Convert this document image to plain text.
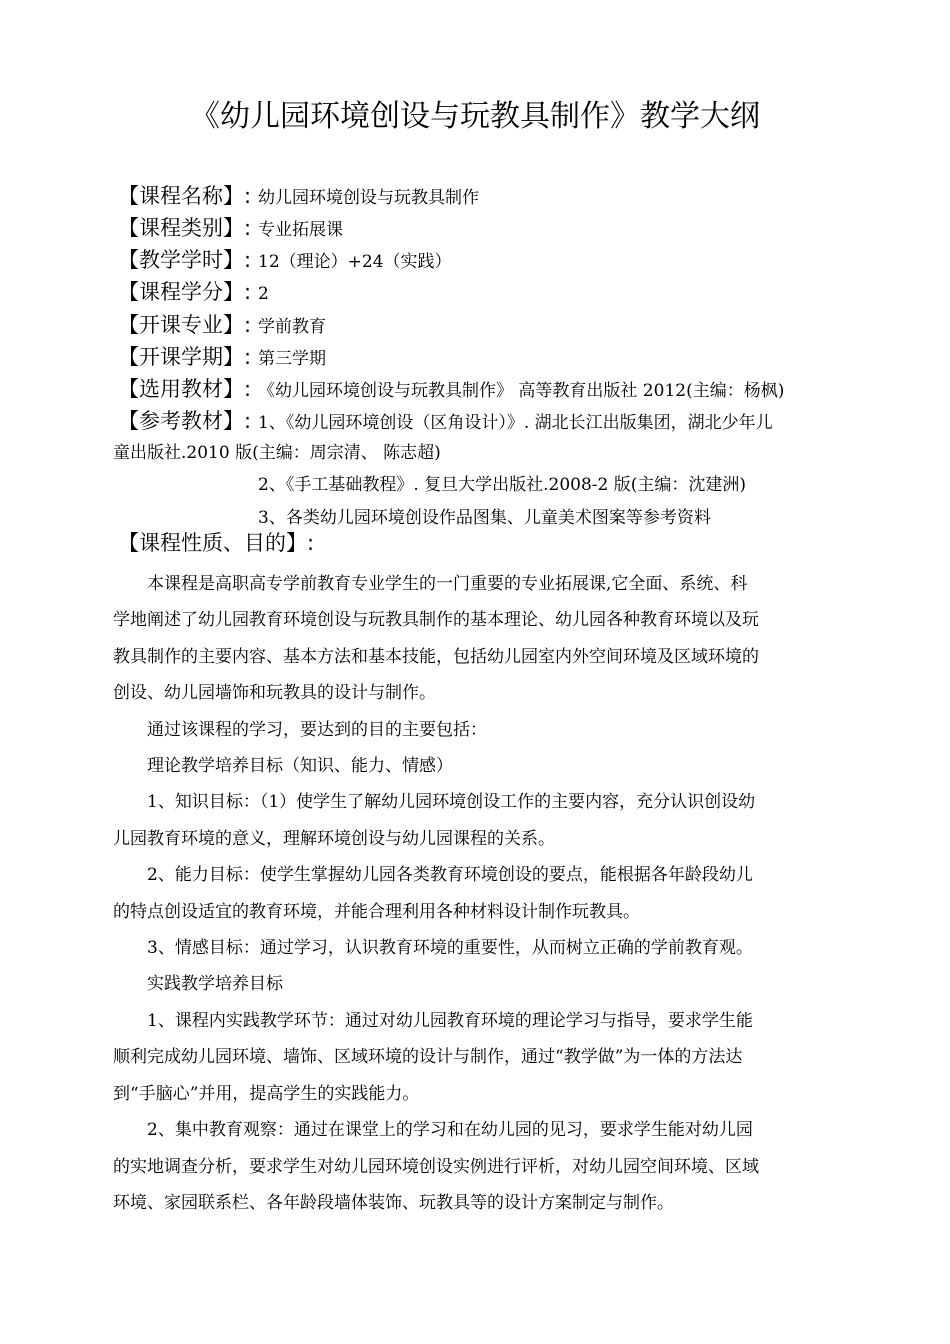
《幼儿园环境创设与玩教具制作》教学大纲
【课程名称】: 幼儿园环境创设与玩教具制作
【课程类别】: 专业拓展课
【教学学时】: 12（理论）+24（实践）
【课程学分】: 2
【开课专业】: 学前教育
【开课学期】: 第三学期
【选用教材】: 《幼儿园环境创设与玩教具制作》 高等教育出版社 2012(主编：杨枫)
【参考教材】: 1、《幼儿园环境创设（区角设计）》. 湖北长江出版集团，湖北少年儿
童出版社.2010 版(主编：周宗清、 陈志超)
2、《手工基础教程》. 复旦大学出版社.2008-2 版(主编：沈建洲)
3、各类幼儿园环境创设作品图集、儿童美术图案等参考资料
【课程性质、目的】:

本课程是高职高专学前教育专业学生的一门重要的专业拓展课,它全面、系统、科

学地阐述了幼儿园教育环境创设与玩教具制作的基本理论、幼儿园各种教育环境以及玩

教具制作的主要内容、基本方法和基本技能，包括幼儿园室内外空间环境及区域环境的

创设、幼儿园墙饰和玩教具的设计与制作。

通过该课程的学习，要达到的目的主要包括：

理论教学培养目标（知识、能力、情感）

1、知识目标：（1）使学生了解幼儿园环境创设工作的主要内容，充分认识创设幼

儿园教育环境的意义，理解环境创设与幼儿园课程的关系。

2、能力目标：使学生掌握幼儿园各类教育环境创设的要点，能根据各年龄段幼儿

的特点创设适宜的教育环境，并能合理利用各种材料设计制作玩教具。

3、情感目标：通过学习，认识教育环境的重要性，从而树立正确的学前教育观。

实践教学培养目标

1、课程内实践教学环节：通过对幼儿园教育环境的理论学习与指导，要求学生能

顺利完成幼儿园环境、墙饰、区域环境的设计与制作，通过“教学做”为一体的方法达

到“手脑心”并用，提高学生的实践能力。

2、集中教育观察：通过在课堂上的学习和在幼儿园的见习，要求学生能对幼儿园

的实地调查分析，要求学生对幼儿园环境创设实例进行评析，对幼儿园空间环境、区域

环境、家园联系栏、各年龄段墙体装饰、玩教具等的设计方案制定与制作。
